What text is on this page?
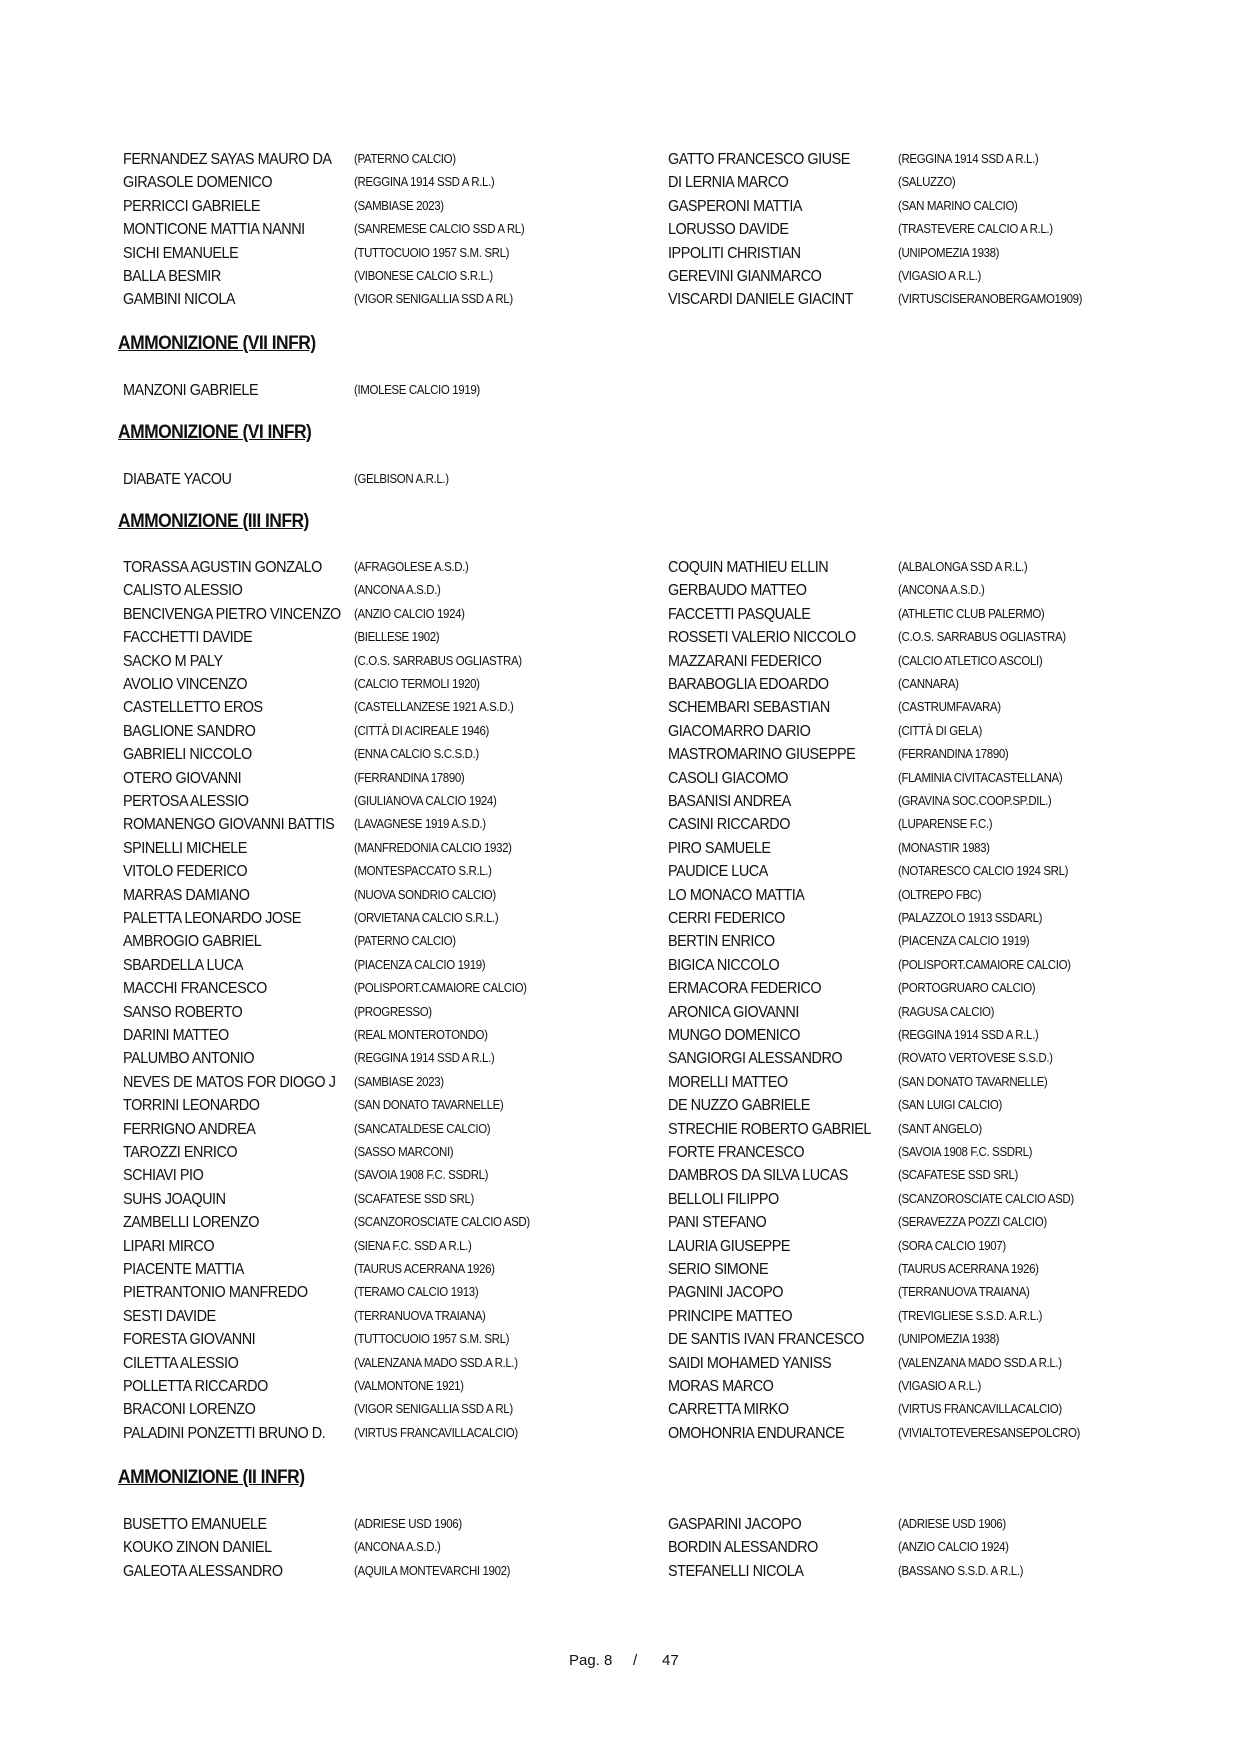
FERNANDEZ SAYAS MAURO DA (PATERNO CALCIO)	GATTO FRANCESCO GIUSE	(REGGINA 1914 SSD A R.L.)
GIRASOLE DOMENICO	(REGGINA 1914 SSD A R.L.)	DI LERNIA MARCO	(SALUZZO)
PERRICCI GABRIELE	(SAMBIASE 2023)	GASPERONI MATTIA	(SAN MARINO CALCIO)
MONTICONE MATTIA NANNI	(SANREMESE CALCIO SSD A RL)	LORUSSO DAVIDE	(TRASTEVERE CALCIO A R.L.)
SICHI EMANUELE	(TUTTOCUOIO 1957 S.M. SRL)	IPPOLITI CHRISTIAN	(UNIPOMEZIA 1938)
BALLA BESMIR	(VIBONESE CALCIO S.R.L.)	GEREVINI GIANMARCO	(VIGASIO A R.L.)
GAMBINI NICOLA	(VIGOR SENIGALLIA SSD A RL)	VISCARDI DANIELE GIACINT	(VIRTUSCISERANOBERGAMO1909)
AMMONIZIONE (VII INFR)
MANZONI GABRIELE	(IMOLESE CALCIO 1919)
AMMONIZIONE (VI INFR)
DIABATE YACOU	(GELBISON A.R.L.)
AMMONIZIONE (III INFR)
TORASSA AGUSTIN GONZALO	(AFRAGOLESE A.S.D.)	COQUIN MATHIEU ELLIN	(ALBALONGA SSD A R.L.)
CALISTO ALESSIO	(ANCONA A.S.D.)	GERBAUDO MATTEO	(ANCONA A.S.D.)
BENCIVENGA PIETRO VINCENZO (ANZIO CALCIO 1924)	FACCETTI PASQUALE	(ATHLETIC CLUB PALERMO)
FACCHETTI DAVIDE	(BIELLESE 1902)	ROSSETI VALERIO NICCOLO	(C.O.S. SARRABUS OGLIASTRA)
SACKO M PALY	(C.O.S. SARRABUS OGLIASTRA)	MAZZARANI FEDERICO	(CALCIO ATLETICO ASCOLI)
AVOLIO VINCENZO	(CALCIO TERMOLI 1920)	BARABOGLIA EDOARDO	(CANNARA)
CASTELLETTO EROS	(CASTELLANZESE 1921 A.S.D.)	SCHEMBARI SEBASTIAN	(CASTRUMFAVARA)
BAGLIONE SANDRO	(CITTÀ DI ACIREALE 1946)	GIACOMARRO DARIO	(CITTÀ DI GELA)
GABRIELI NICCOLO	(ENNA CALCIO S.C.S.D.)	MASTROMARINO GIUSEPPE	(FERRANDINA 17890)
OTERO GIOVANNI	(FERRANDINA 17890)	CASOLI GIACOMO	(FLAMINIA CIVITACASTELLANA)
PERTOSA ALESSIO	(GIULIANOVA CALCIO 1924)	BASANISI ANDREA	(GRAVINA SOC.COOP.SP.DIL.)
ROMANENGO GIOVANNI BATTIS (LAVAGNESE 1919 A.S.D.)	CASINI RICCARDO	(LUPARENSE F.C.)
SPINELLI MICHELE	(MANFREDONIA CALCIO 1932)	PIRO SAMUELE	(MONASTIR 1983)
VITOLO FEDERICO	(MONTESPACCATO S.R.L.)	PAUDICE LUCA	(NOTARESCO CALCIO 1924 SRL)
MARRAS DAMIANO	(NUOVA SONDRIO CALCIO)	LO MONACO MATTIA	(OLTREPO FBC)
PALETTA LEONARDO JOSE	(ORVIETANA CALCIO S.R.L.)	CERRI FEDERICO	(PALAZZOLO 1913 SSDARL)
AMBROGIO GABRIEL	(PATERNO CALCIO)	BERTIN ENRICO	(PIACENZA CALCIO 1919)
SBARDELLA LUCA	(PIACENZA CALCIO 1919)	BIGICA NICCOLO	(POLISPORT.CAMAIORE CALCIO)
MACCHI FRANCESCO	(POLISPORT.CAMAIORE CALCIO)	ERMACORA FEDERICO	(PORTOGRUARO CALCIO)
SANSO ROBERTO	(PROGRESSO)	ARONICA GIOVANNI	(RAGUSA CALCIO)
DARINI MATTEO	(REAL MONTEROTONDO)	MUNGO DOMENICO	(REGGINA 1914 SSD A R.L.)
PALUMBO ANTONIO	(REGGINA 1914 SSD A R.L.)	SANGIORGI ALESSANDRO	(ROVATO VERTOVESE S.S.D.)
NEVES DE MATOS FOR DIOGO J (SAMBIASE 2023)	MORELLI MATTEO	(SAN DONATO TAVARNELLE)
TORRINI LEONARDO	(SAN DONATO TAVARNELLE)	DE NUZZO GABRIELE	(SAN LUIGI CALCIO)
FERRIGNO ANDREA	(SANCATALDESE CALCIO)	STRECHIE ROBERTO GABRIEL (SANT ANGELO)
TAROZZI ENRICO	(SASSO MARCONI)	FORTE FRANCESCO	(SAVOIA 1908 F.C. SSDRL)
SCHIAVI PIO	(SAVOIA 1908 F.C. SSDRL)	DAMBROS DA SILVA LUCAS	(SCAFATESE SSD SRL)
SUHS JOAQUIN	(SCAFATESE SSD SRL)	BELLOLI FILIPPO	(SCANZOROSCIATE CALCIO ASD)
ZAMBELLI LORENZO	(SCANZOROSCIATE CALCIO ASD)	PANI STEFANO	(SERAVEZZA POZZI CALCIO)
LIPARI MIRCO	(SIENA F.C. SSD A R.L.)	LAURIA GIUSEPPE	(SORA CALCIO 1907)
PIACENTE MATTIA	(TAURUS ACERRANA 1926)	SERIO SIMONE	(TAURUS ACERRANA 1926)
PIETRANTONIO MANFREDO	(TERAMO CALCIO 1913)	PAGNINI JACOPO	(TERRANUOVA TRAIANA)
SESTI DAVIDE	(TERRANUOVA TRAIANA)	PRINCIPE MATTEO	(TREVIGLIESE S.S.D. A.R.L.)
FORESTA GIOVANNI	(TUTTOCUOIO 1957 S.M. SRL)	DE SANTIS IVAN FRANCESCO	(UNIPOMEZIA 1938)
CILETTA ALESSIO	(VALENZANA MADO SSD.A R.L.)	SAIDI MOHAMED YANISS	(VALENZANA MADO SSD.A R.L.)
POLLETTA RICCARDO	(VALMONTONE 1921)	MORAS MARCO	(VIGASIO A R.L.)
BRACONI LORENZO	(VIGOR SENIGALLIA SSD A RL)	CARRETTA MIRKO	(VIRTUS FRANCAVILLACALCIO)
PALADINI PONZETTI BRUNO D. (VIRTUS FRANCAVILLACALCIO)	OMOHONRIA ENDURANCE	(VIVIALTOTEVERESANSEPOLCRO)
AMMONIZIONE (II INFR)
BUSETTO EMANUELE	(ADRIESE USD 1906)	GASPARINI JACOPO	(ADRIESE USD 1906)
KOUKO ZINON DANIEL	(ANCONA A.S.D.)	BORDIN ALESSANDRO	(ANZIO CALCIO 1924)
GALEOTA ALESSANDRO	(AQUILA MONTEVARCHI 1902)	STEFANELLI NICOLA	(BASSANO S.S.D. A R.L.)
Pag. 8 / 47
